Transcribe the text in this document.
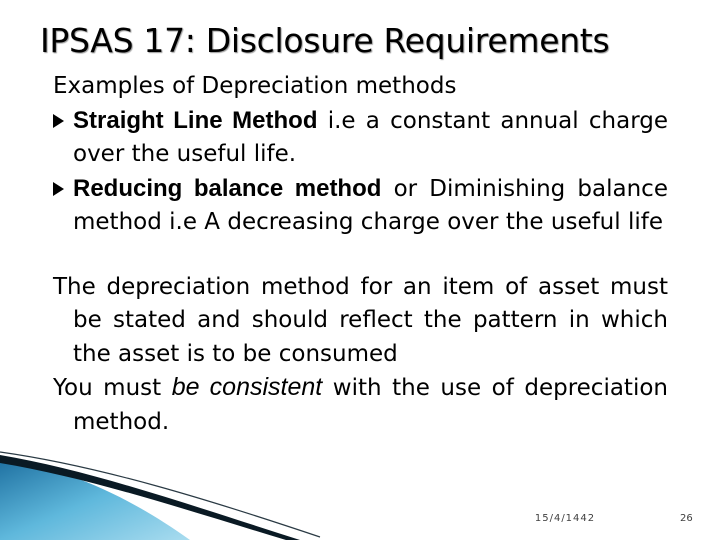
IPSAS 17: Disclosure Requirements

Examples of Depreciation methods

Straight Line Method i.e a constant annual charge over the useful life.
Reducing balance method or Diminishing balance method i.e A decreasing charge over the useful life

The depreciation method for an item of asset must be stated and should reflect the pattern in which the asset is to be consumed

You must be consistent with the use of depreciation method.

15/4/1442	26
